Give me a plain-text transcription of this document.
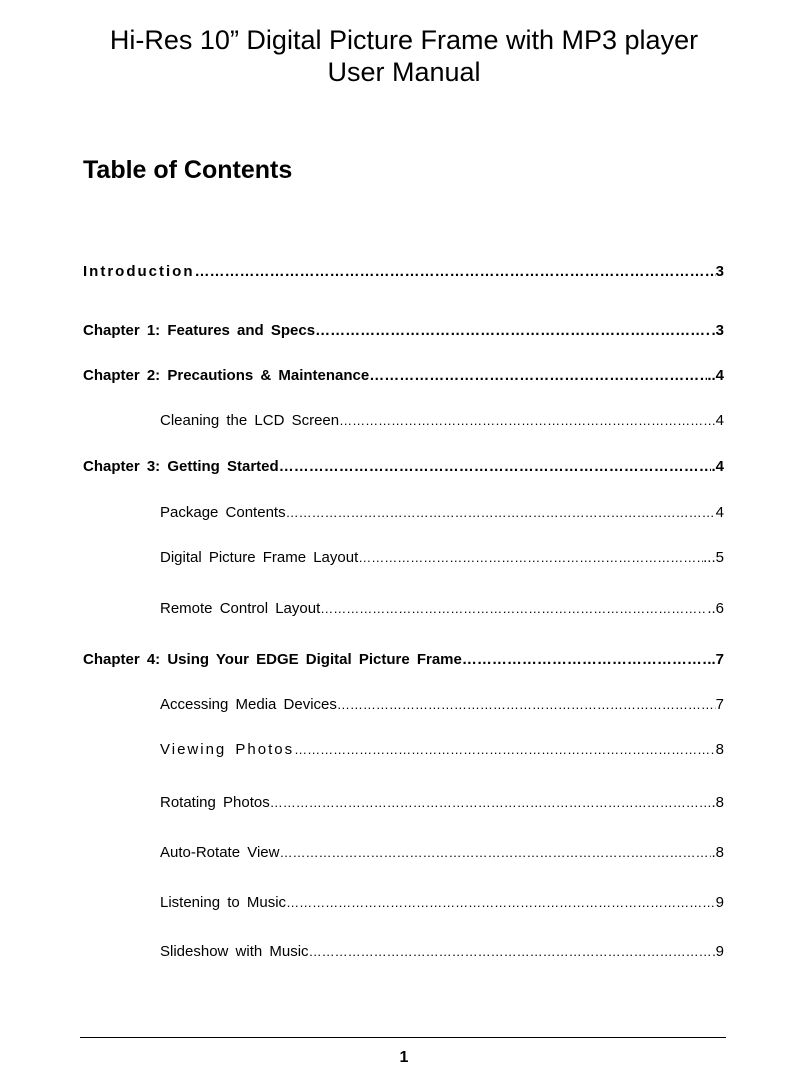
Hi-Res 10” Digital Picture Frame with MP3 player
User Manual
Table of Contents
Introduction ………………………………………………………………………………………………………………………………………………………………	3
Chapter 1: Features and Specs ………………………………………………………………………………………………………………………………………………………………	.3
Chapter 2: Precautions & Maintenance ………………………………………………………………………………………………………………………………………………………………	..4
Cleaning the LCD Screen …………………………………………………………………………………………………………………………………………………………………………………………	4
Chapter 3: Getting Started ………………………………………………………………………………………………………………………………………………………………	.4
Package Contents …………………………………………………………………………………………………………………………………………………………………………………………	4
Digital Picture Frame Layout …………………………………………………………………………………………………………………………………………………………………………………………	...5
Remote Control Layout …………………………………………………………………………………………………………………………………………………………………………………………	..6
Chapter 4: Using Your EDGE Digital Picture Frame ………………………………………………………………………………………………………………………………………………………………	.7
Accessing Media Devices …………………………………………………………………………………………………………………………………………………………………………………………	7
Viewing Photos …………………………………………………………………………………………………………………………………………………………………………………………	8
Rotating Photos …………………………………………………………………………………………………………………………………………………………………………………………	.8
Auto-Rotate View …………………………………………………………………………………………………………………………………………………………………………………………	.8
Listening to Music …………………………………………………………………………………………………………………………………………………………………………………………	9
Slideshow with Music …………………………………………………………………………………………………………………………………………………………………………………………	9
1
